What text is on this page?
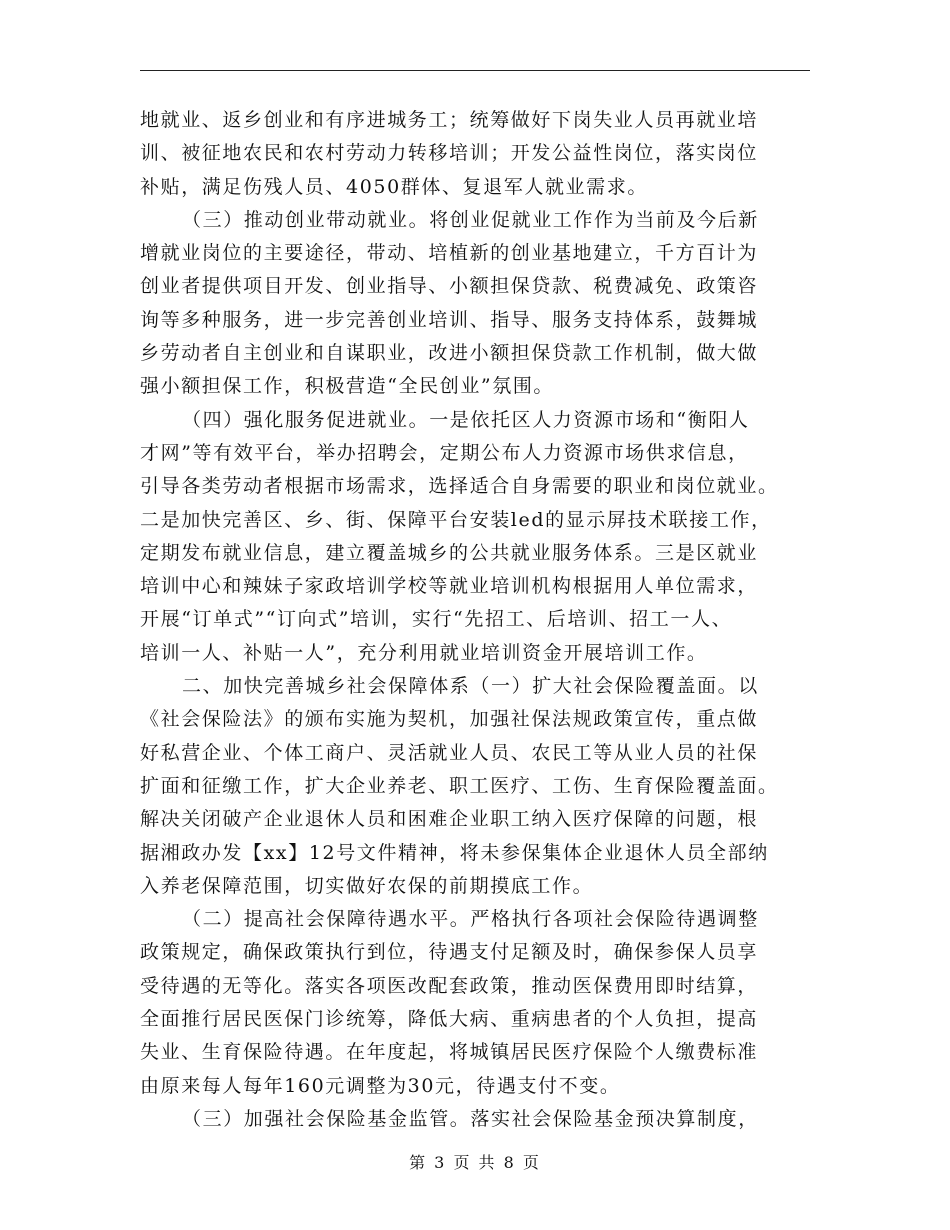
地就业、返乡创业和有序进城务工；统筹做好下岗失业人员再就业培
训、被征地农民和农村劳动力转移培训；开发公益性岗位，落实岗位
补贴，满足伤残人员、4050群体、复退军人就业需求。
（三）推动创业带动就业。将创业促就业工作作为当前及今后新
增就业岗位的主要途径，带动、培植新的创业基地建立，千方百计为
创业者提供项目开发、创业指导、小额担保贷款、税费减免、政策咨
询等多种服务，进一步完善创业培训、指导、服务支持体系，鼓舞城
乡劳动者自主创业和自谋职业，改进小额担保贷款工作机制，做大做
强小额担保工作，积极营造“全民创业”氛围。
（四）强化服务促进就业。一是依托区人力资源市场和“衡阳人
才网”等有效平台，举办招聘会，定期公布人力资源市场供求信息，
引导各类劳动者根据市场需求，选择适合自身需要的职业和岗位就业。
二是加快完善区、乡、街、保障平台安装led的显示屏技术联接工作，
定期发布就业信息，建立覆盖城乡的公共就业服务体系。三是区就业
培训中心和辣妹子家政培训学校等就业培训机构根据用人单位需求，
开展“订单式”“订向式”培训，实行“先招工、后培训、招工一人、
培训一人、补贴一人”，充分利用就业培训资金开展培训工作。
二、加快完善城乡社会保障体系（一）扩大社会保险覆盖面。以
《社会保险法》的颁布实施为契机，加强社保法规政策宣传，重点做
好私营企业、个体工商户、灵活就业人员、农民工等从业人员的社保
扩面和征缴工作，扩大企业养老、职工医疗、工伤、生育保险覆盖面。
解决关闭破产企业退休人员和困难企业职工纳入医疗保障的问题，根
据湘政办发【xx】12号文件精神，将未参保集体企业退休人员全部纳
入养老保障范围，切实做好农保的前期摸底工作。
（二）提高社会保障待遇水平。严格执行各项社会保险待遇调整
政策规定，确保政策执行到位，待遇支付足额及时，确保参保人员享
受待遇的无等化。落实各项医改配套政策，推动医保费用即时结算，
全面推行居民医保门诊统筹，降低大病、重病患者的个人负担，提高
失业、生育保险待遇。在年度起，将城镇居民医疗保险个人缴费标准
由原来每人每年160元调整为30元，待遇支付不变。
（三）加强社会保险基金监管。落实社会保险基金预决算制度，
第 3 页 共 8 页
